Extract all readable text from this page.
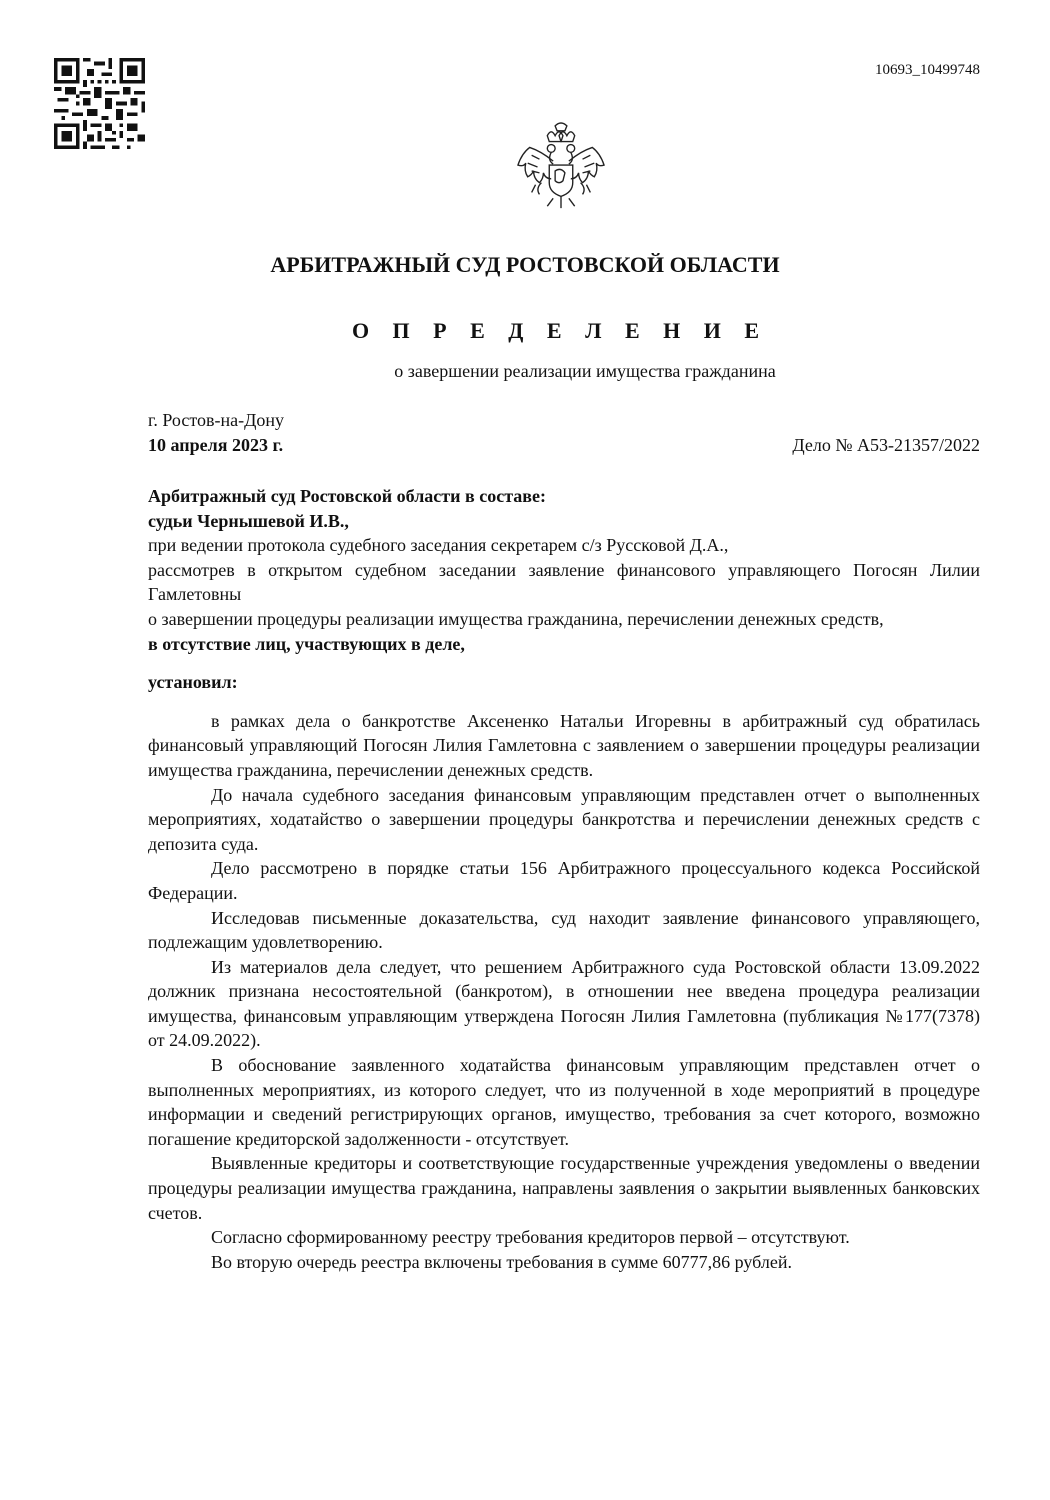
10693_10499748
АРБИТРАЖНЫЙ СУД РОСТОВСКОЙ ОБЛАСТИ
О П Р Е Д Е Л Е Н И Е
о завершении реализации имущества гражданина
г. Ростов-на-Дону
10 апреля 2023 г.	Дело № А53-21357/2022

Арбитражный суд Ростовской области в составе:

судьи Чернышевой И.В.,

при ведении протокола судебного заседания секретарем с/з Русcковой Д.А.,

рассмотрев в открытом судебном заседании заявление финансового управляющего Погосян Лилии Гамлетовны

о завершении процедуры реализации имущества гражданина, перечислении денежных средств,

в отсутствие лиц, участвующих в деле,

установил:

в рамках дела о банкротстве Аксененко Натальи Игоревны в арбитражный суд обратилась финансовый управляющий Погосян Лилия Гамлетовна с заявлением о завершении процедуры реализации имущества гражданина, перечислении денежных средств.

До начала судебного заседания финансовым управляющим представлен отчет о выполненных мероприятиях, ходатайство о завершении процедуры банкротства и перечислении денежных средств с депозита суда.

Дело рассмотрено в порядке статьи 156 Арбитражного процессуального кодекса Российской Федерации.

Исследовав письменные доказательства, суд находит заявление финансового управляющего, подлежащим удовлетворению.

Из материалов дела следует, что решением Арбитражного суда Ростовской области 13.09.2022 должник признана несостоятельной (банкротом), в отношении нее введена процедура реализации имущества, финансовым управляющим утверждена Погосян Лилия Гамлетовна (публикация №177(7378) от 24.09.2022).

В обоснование заявленного ходатайства финансовым управляющим представлен отчет о выполненных мероприятиях, из которого следует, что из полученной в ходе мероприятий в процедуре информации и сведений регистрирующих органов, имущество, требования за счет которого, возможно погашение кредиторской задолженности - отсутствует.

Выявленные кредиторы и соответствующие государственные учреждения уведомлены о введении процедуры реализации имущества гражданина, направлены заявления о закрытии выявленных банковских счетов.

Согласно сформированному реестру требования кредиторов первой – отсутствуют.

Во вторую очередь реестра включены требования в сумме 60777,86 рублей.
